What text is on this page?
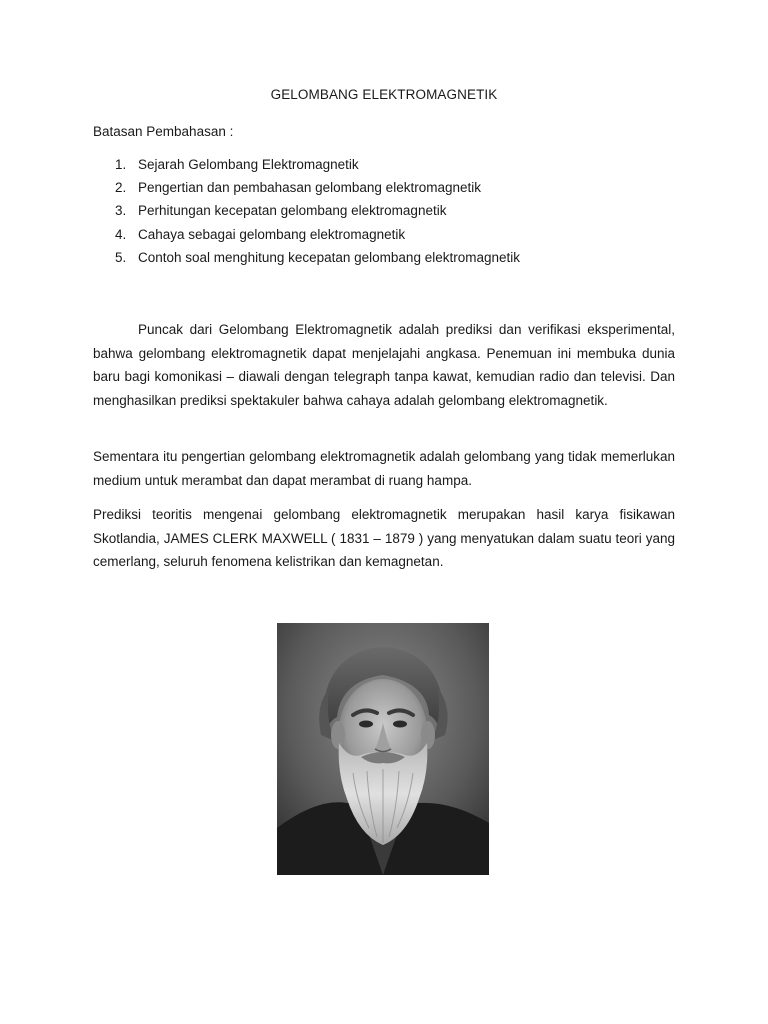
GELOMBANG ELEKTROMAGNETIK
Batasan Pembahasan :
1. Sejarah Gelombang Elektromagnetik
2. Pengertian dan pembahasan gelombang elektromagnetik
3. Perhitungan kecepatan gelombang elektromagnetik
4. Cahaya sebagai gelombang elektromagnetik
5. Contoh soal menghitung kecepatan gelombang elektromagnetik

Puncak dari Gelombang Elektromagnetik adalah prediksi dan verifikasi eksperimental, bahwa gelombang elektromagnetik dapat menjelajahi angkasa. Penemuan ini membuka dunia baru bagi komonikasi – diawali dengan telegraph tanpa kawat, kemudian radio dan televisi. Dan menghasilkan prediksi spektakuler bahwa cahaya adalah gelombang elektromagnetik.

Sementara itu pengertian gelombang elektromagnetik adalah gelombang yang tidak memerlukan medium untuk merambat dan dapat merambat di ruang hampa.

Prediksi teoritis mengenai gelombang elektromagnetik merupakan hasil karya fisikawan Skotlandia, JAMES CLERK MAXWELL ( 1831 – 1879 ) yang menyatukan dalam suatu teori yang cemerlang, seluruh fenomena kelistrikan dan kemagnetan.
